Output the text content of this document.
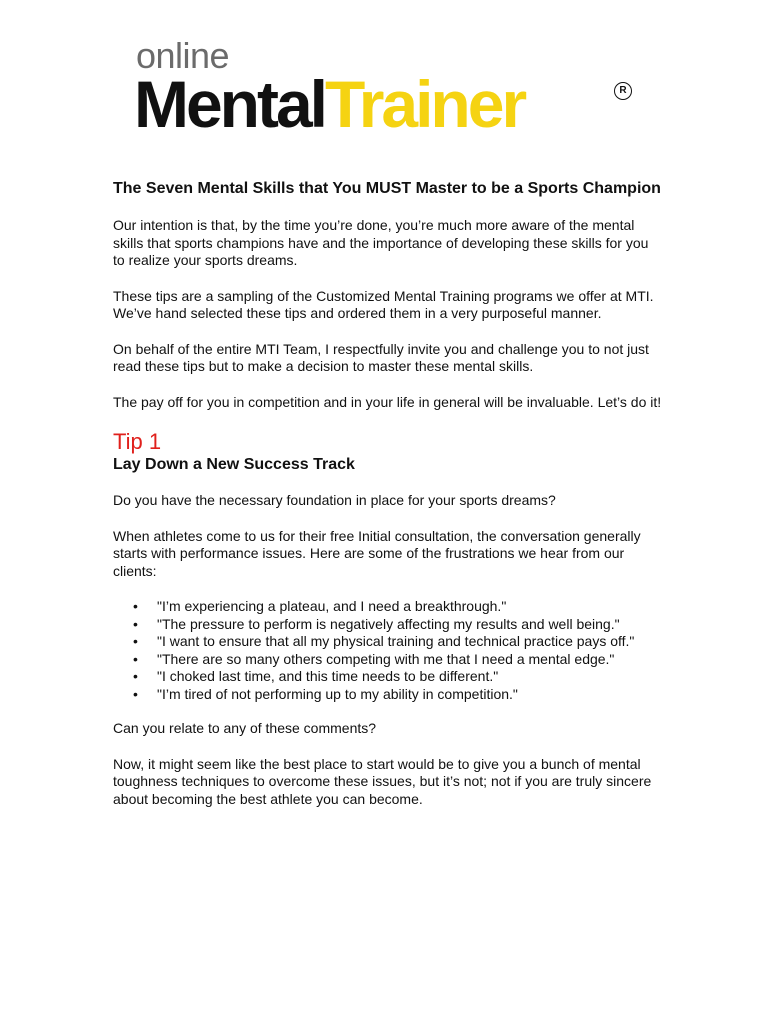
online
MentalTrainer	R
The Seven Mental Skills that You MUST Master to be a Sports Champion

Our intention is that, by the time you’re done, you’re much more aware of the mental skills that sports champions have and the importance of developing these skills for you to realize your sports dreams.

These tips are a sampling of the Customized Mental Training programs we offer at MTI. We’ve hand selected these tips and ordered them in a very purposeful manner.

On behalf of the entire MTI Team, I respectfully invite you and challenge you to not just read these tips but to make a decision to master these mental skills.

The pay off for you in competition and in your life in general will be invaluable. Let’s do it!

Tip 1
Lay Down a New Success Track

Do you have the necessary foundation in place for your sports dreams?

When athletes come to us for their free Initial consultation, the conversation generally starts with performance issues. Here are some of the frustrations we hear from our clients:

• "I’m experiencing a plateau, and I need a breakthrough."
• "The pressure to perform is negatively affecting my results and well being."
• "I want to ensure that all my physical training and technical practice pays off."
• "There are so many others competing with me that I need a mental edge."
• "I choked last time, and this time needs to be different."
• "I’m tired of not performing up to my ability in competition."

Can you relate to any of these comments?

Now, it might seem like the best place to start would be to give you a bunch of mental toughness techniques to overcome these issues, but it’s not; not if you are truly sincere about becoming the best athlete you can become.
